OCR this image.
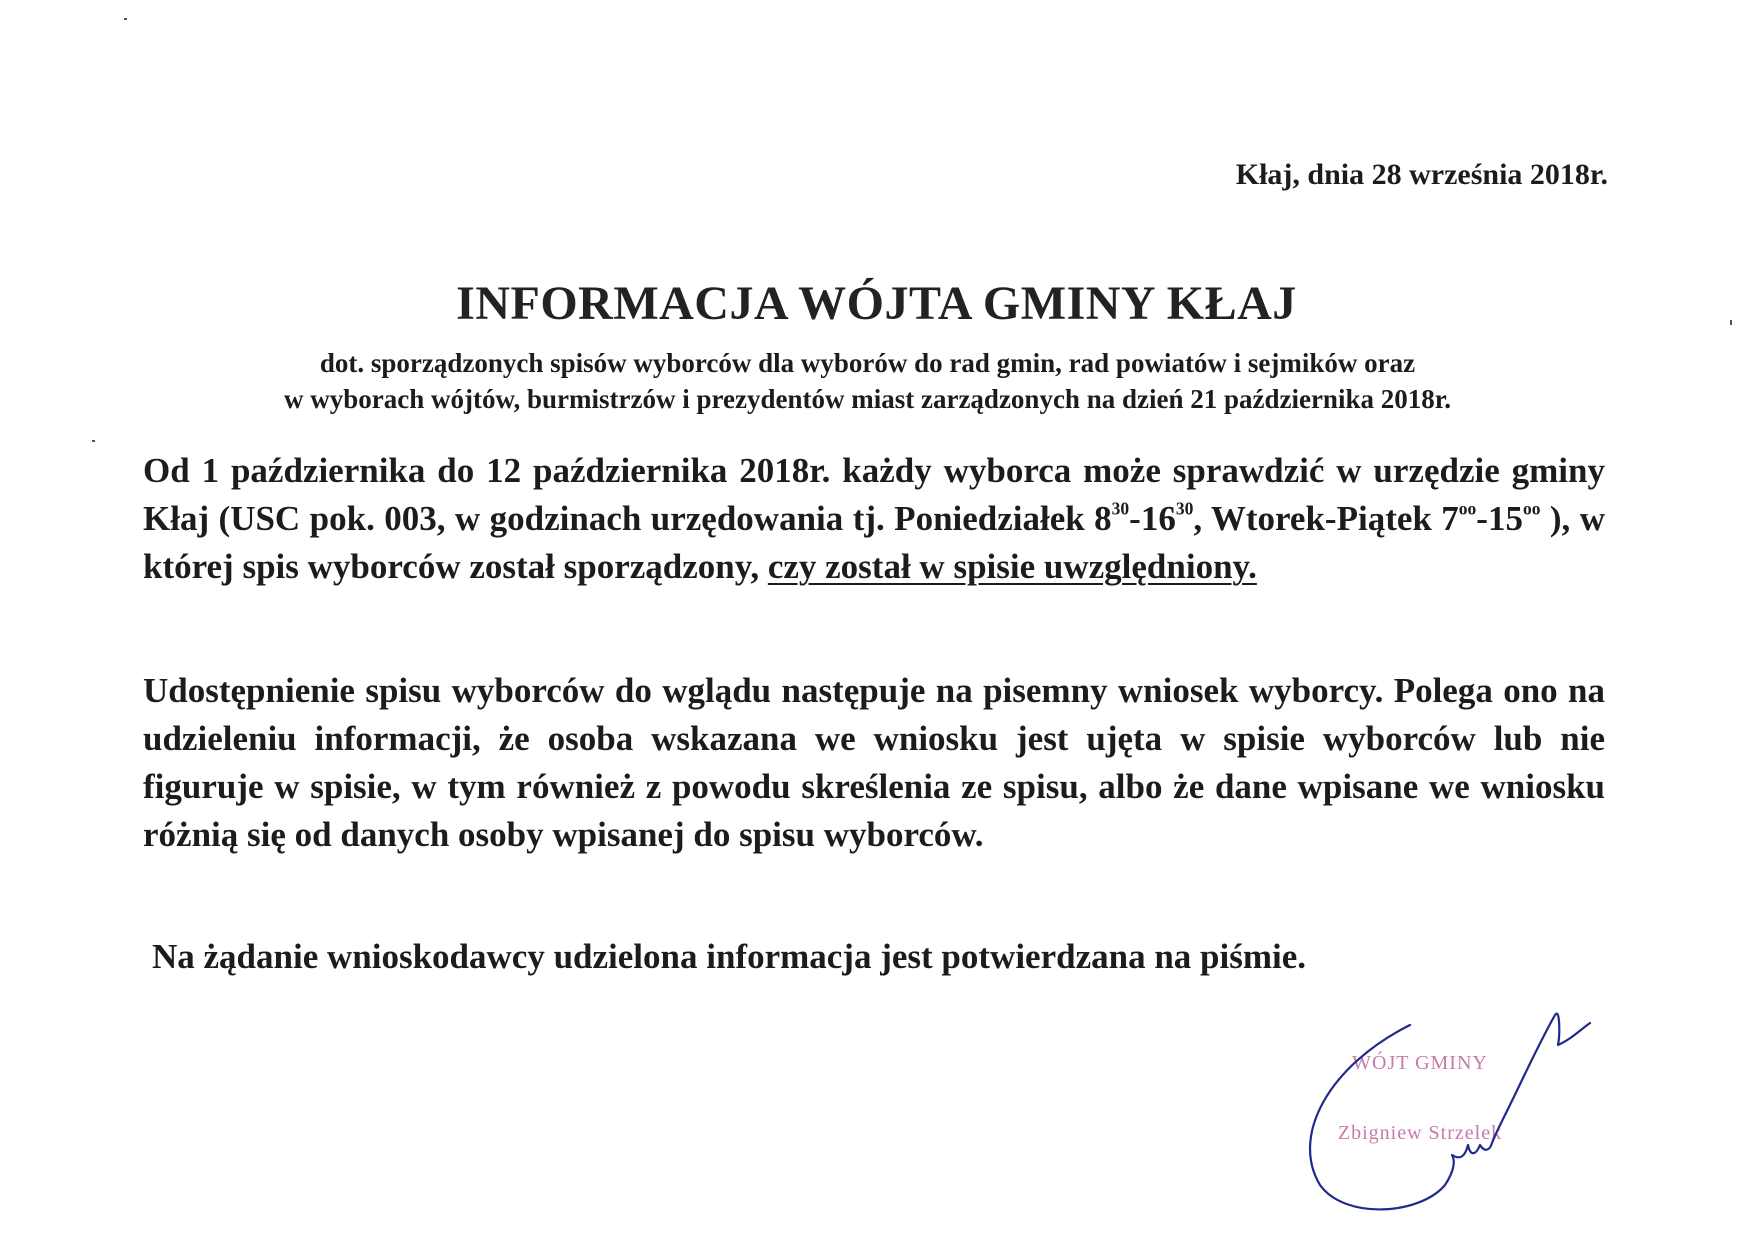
Kłaj, dnia 28 września 2018r.

INFORMACJA WÓJTA GMINY KŁAJ

dot. sporządzonych spisów wyborców dla wyborów do rad gmin, rad powiatów i sejmików oraz
w wyborach wójtów, burmistrzów i prezydentów miast zarządzonych na dzień 21 października 2018r.

Od 1 października do 12 października 2018r. każdy wyborca może sprawdzić w urzędzie gminy Kłaj (USC pok. 003, w godzinach urzędowania tj. Poniedziałek $8^{30}-16^{30}$, Wtorek-Piątek $7^{oo}-15^{oo}$ ), w której spis wyborców został sporządzony, czy został w spisie uwzględniony.

Udostępnienie spisu wyborców do wglądu następuje na pisemny wniosek wyborcy. Polega ono na udzieleniu informacji, że osoba wskazana we wniosku jest ujęta w spisie wyborców lub nie figuruje w spisie, w tym również z powodu skreślenia ze spisu, albo że dane wpisane we wniosku różnią się od danych osoby wpisanej do spisu wyborców.

Na żądanie wnioskodawcy udzielona informacja jest potwierdzana na piśmie.

WÓJT GMINY
Zbigniew Strzelek
